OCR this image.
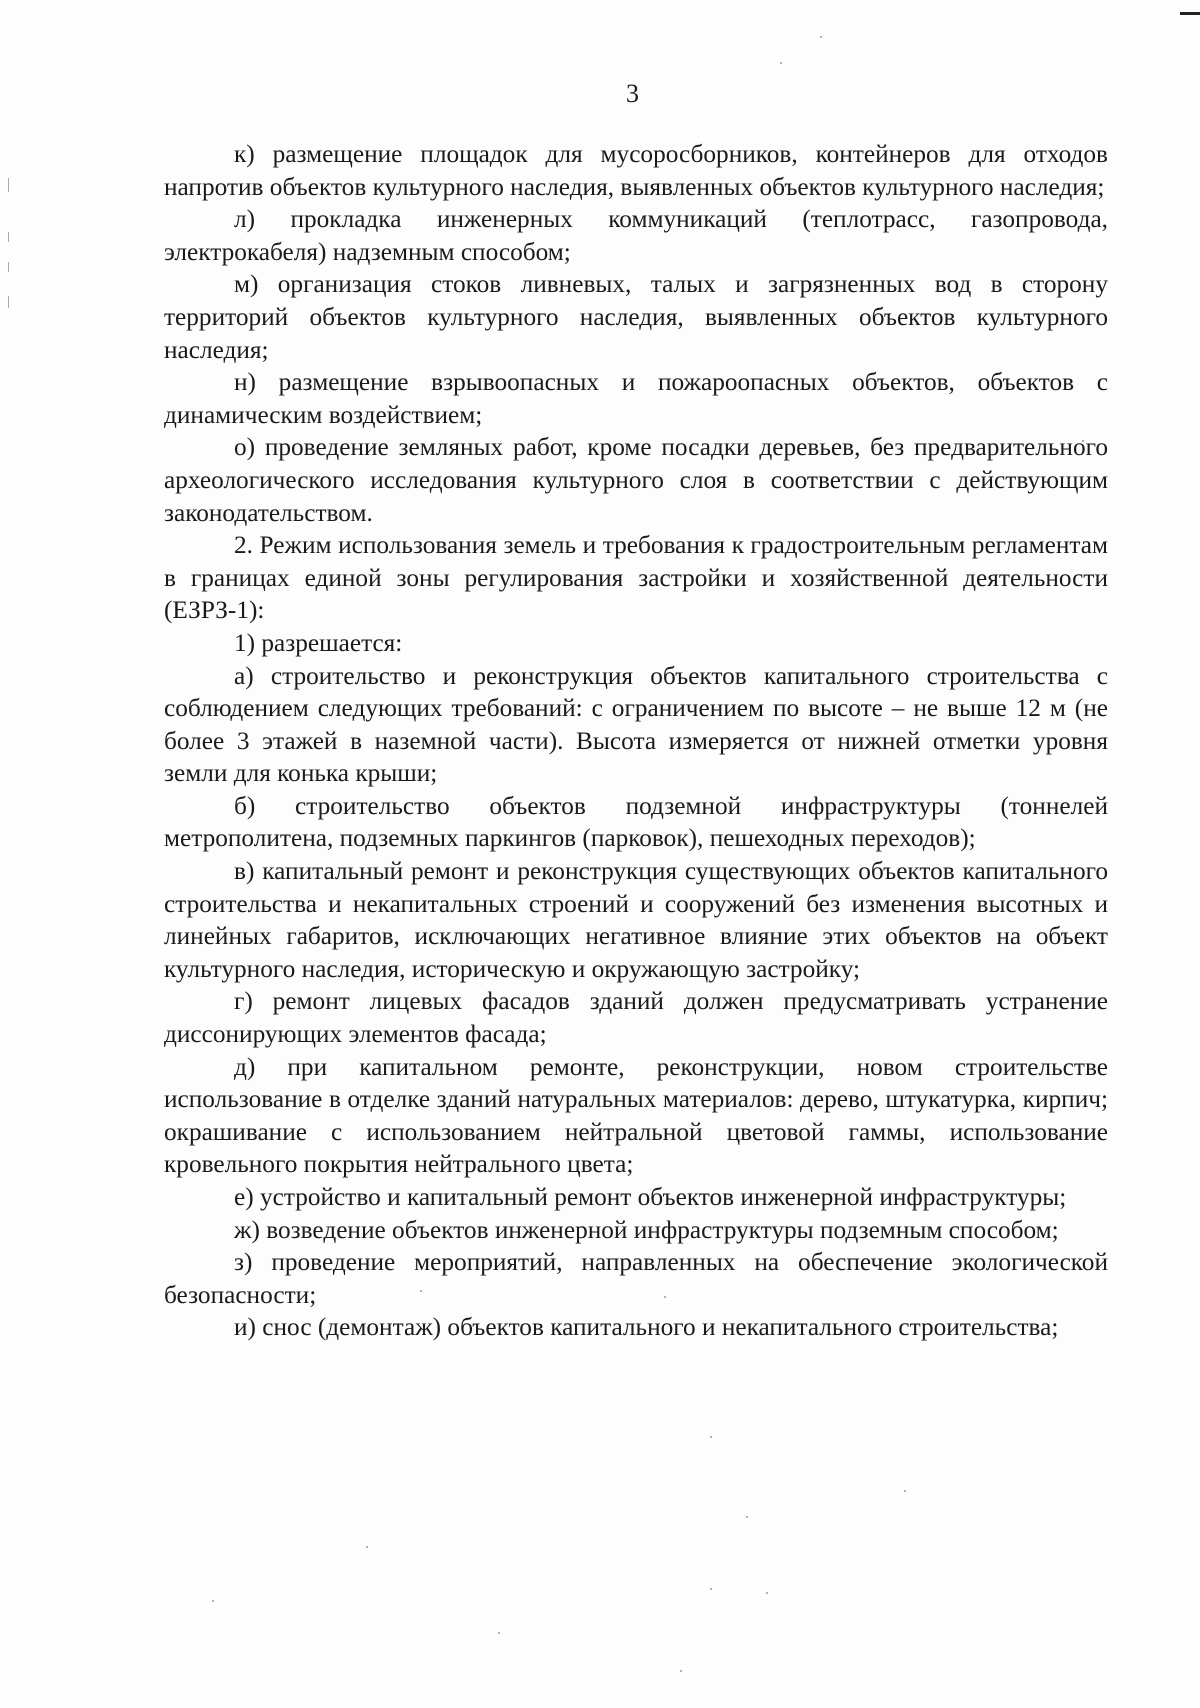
3

к) размещение площадок для мусоросборников, контейнеров для отходов напротив объектов культурного наследия, выявленных объектов культурного наследия;

л) прокладка инженерных коммуникаций (теплотрасс, газопровода, электрокабеля) надземным способом;

м) организация стоков ливневых, талых и загрязненных вод в сторону территорий объектов культурного наследия, выявленных объектов культурного наследия;

н) размещение взрывоопасных и пожароопасных объектов, объектов с динамическим воздействием;

о) проведение земляных работ, кроме посадки деревьев, без предварительного археологического исследования культурного слоя в соответствии с действующим законодательством.

2. Режим использования земель и требования к градостроительным регламентам в границах единой зоны регулирования застройки и хозяйственной деятельности (ЕЗРЗ-1):

1) разрешается:

а) строительство и реконструкция объектов капитального строительства с соблюдением следующих требований: с ограничением по высоте – не выше 12 м (не более 3 этажей в наземной части). Высота измеряется от нижней отметки уровня земли для конька крыши;

б) строительство объектов подземной инфраструктуры (тоннелей метрополитена, подземных паркингов (парковок), пешеходных переходов);

в) капитальный ремонт и реконструкция существующих объектов капитального строительства и некапитальных строений и сооружений без изменения высотных и линейных габаритов, исключающих негативное влияние этих объектов на объект культурного наследия, историческую и окружающую застройку;

г) ремонт лицевых фасадов зданий должен предусматривать устранение диссонирующих элементов фасада;

д) при капитальном ремонте, реконструкции, новом строительстве использование в отделке зданий натуральных материалов: дерево, штукатурка, кирпич; окрашивание с использованием нейтральной цветовой гаммы, использование кровельного покрытия нейтрального цвета;

е) устройство и капитальный ремонт объектов инженерной инфраструктуры;

ж) возведение объектов инженерной инфраструктуры подземным способом;

з) проведение мероприятий, направленных на обеспечение экологической безопасности;

и) снос (демонтаж) объектов капитального и некапитального строительства;
